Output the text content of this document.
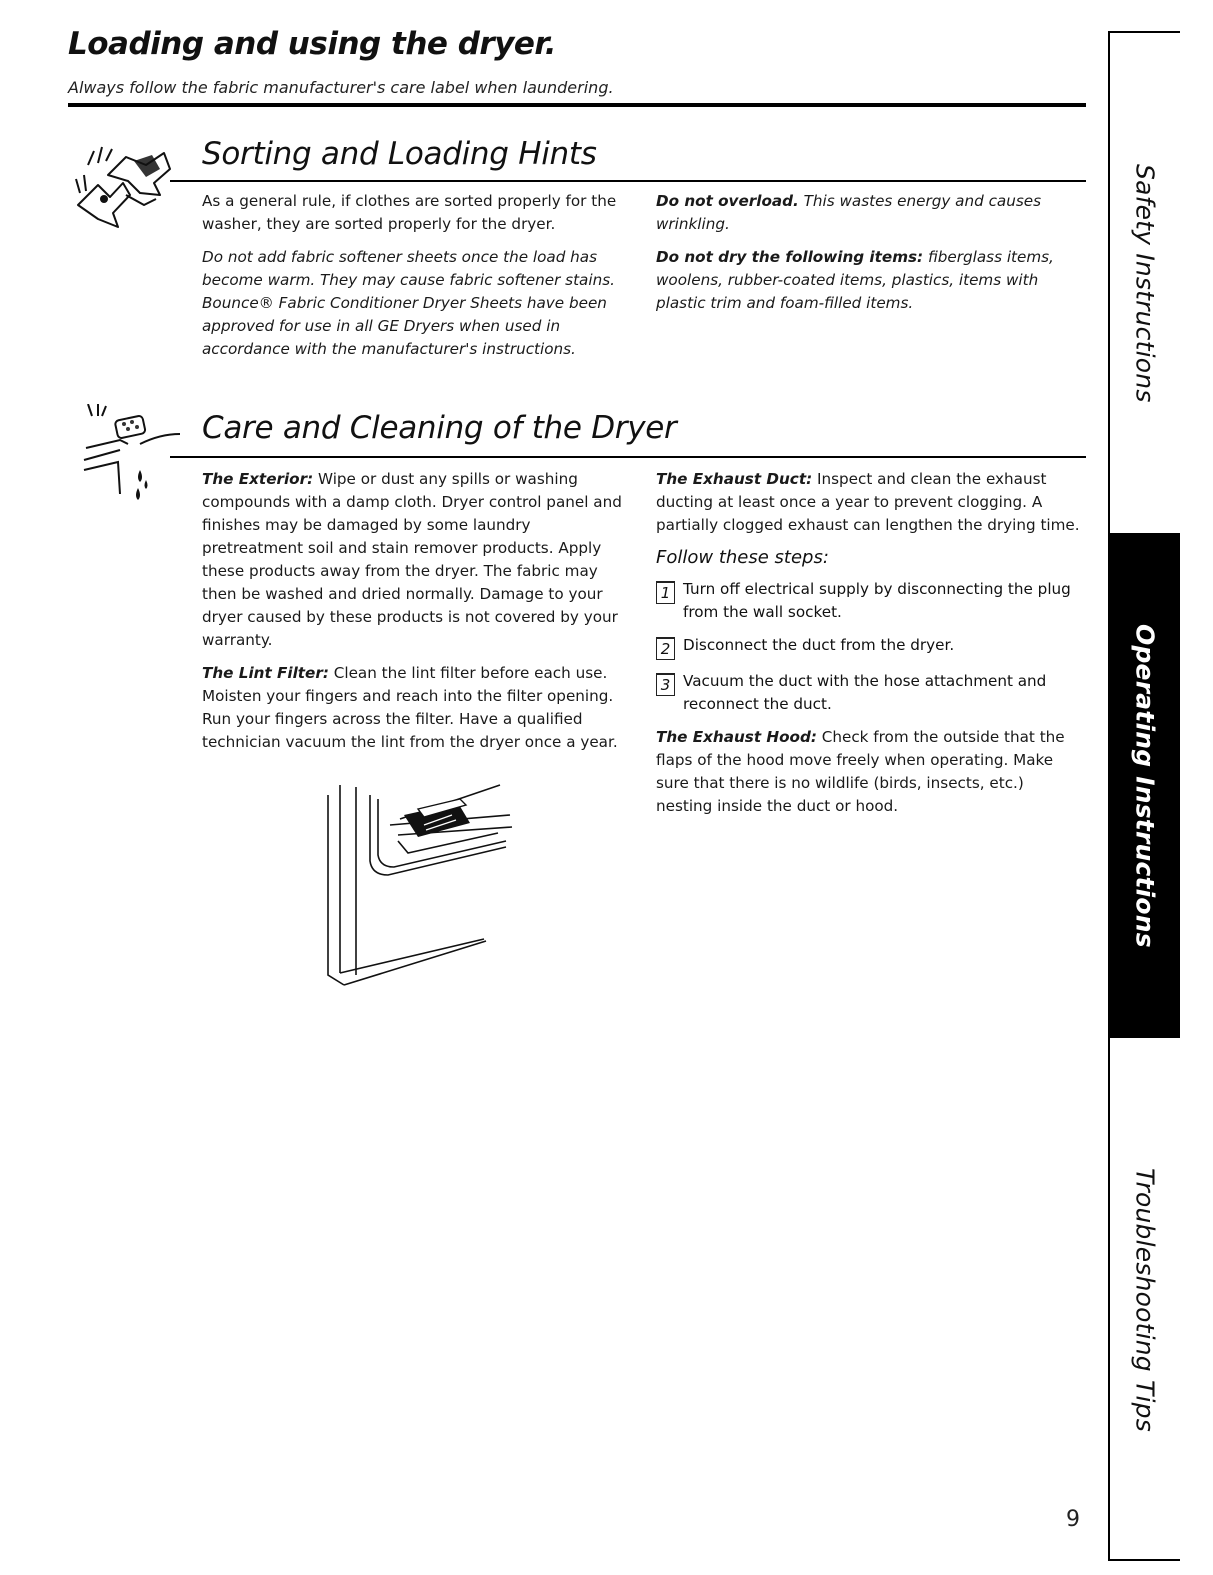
Loading and using the dryer.
Always follow the fabric manufacturer's care label when laundering.
Sorting and Loading Hints

As a general rule, if clothes are sorted properly for the washer, they are sorted properly for the dryer.

Do not add fabric softener sheets once the load has become warm. They may cause fabric softener stains. Bounce® Fabric Conditioner Dryer Sheets have been approved for use in all GE Dryers when used in accordance with the manufacturer's instructions.

Do not overload. This wastes energy and causes wrinkling.

Do not dry the following items: fiberglass items, woolens, rubber-coated items, plastics, items with plastic trim and foam-filled items.

Care and Cleaning of the Dryer

The Exterior: Wipe or dust any spills or washing compounds with a damp cloth. Dryer control panel and finishes may be damaged by some laundry pretreatment soil and stain remover products. Apply these products away from the dryer. The fabric may then be washed and dried normally. Damage to your dryer caused by these products is not covered by your warranty.

The Lint Filter: Clean the lint filter before each use. Moisten your fingers and reach into the filter opening. Run your fingers across the filter. Have a qualified technician vacuum the lint from the dryer once a year.

The Exhaust Duct: Inspect and clean the exhaust ducting at least once a year to prevent clogging. A partially clogged exhaust can lengthen the drying time.

Follow these steps:
1 Turn off electrical supply by disconnecting the plug from the wall socket.
2 Disconnect the duct from the dryer.
3 Vacuum the duct with the hose attachment and reconnect the duct.

The Exhaust Hood: Check from the outside that the flaps of the hood move freely when operating. Make sure that there is no wildlife (birds, insects, etc.) nesting inside the duct or hood.

Safety Instructions
Operating Instructions
Troubleshooting Tips
9
